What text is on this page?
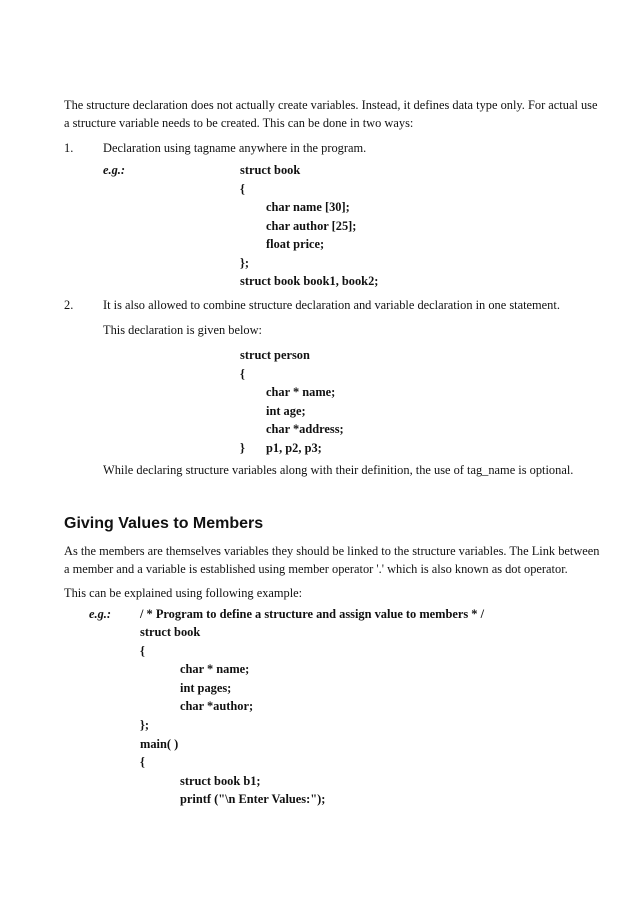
The structure declaration does not actually create variables. Instead, it defines data type only. For actual use
a structure variable needs to be created. This can be done in two ways:
1. Declaration using tagname anywhere in the program.
e.g.:	struct book
{
char name [30];
char author [25];
float price;
};
struct book book1, book2;
2. It is also allowed to combine structure declaration and variable declaration in one statement.
This declaration is given below:
struct person
{
char * name;
int age;
char *address;
} p1, p2, p3;
While declaring structure variables along with their definition, the use of tag_name is optional.
Giving Values to Members
As the members are themselves variables they should be linked to the structure variables. The Link between
a member and a variable is established using member operator '.' which is also known as dot operator.
This can be explained using following example:
e.g.: / * Program to define a structure and assign value to members * /
struct book
{
char * name;
int pages;
char *author;
};
main( )
{
struct book b1;
printf ("\n Enter Values:");
